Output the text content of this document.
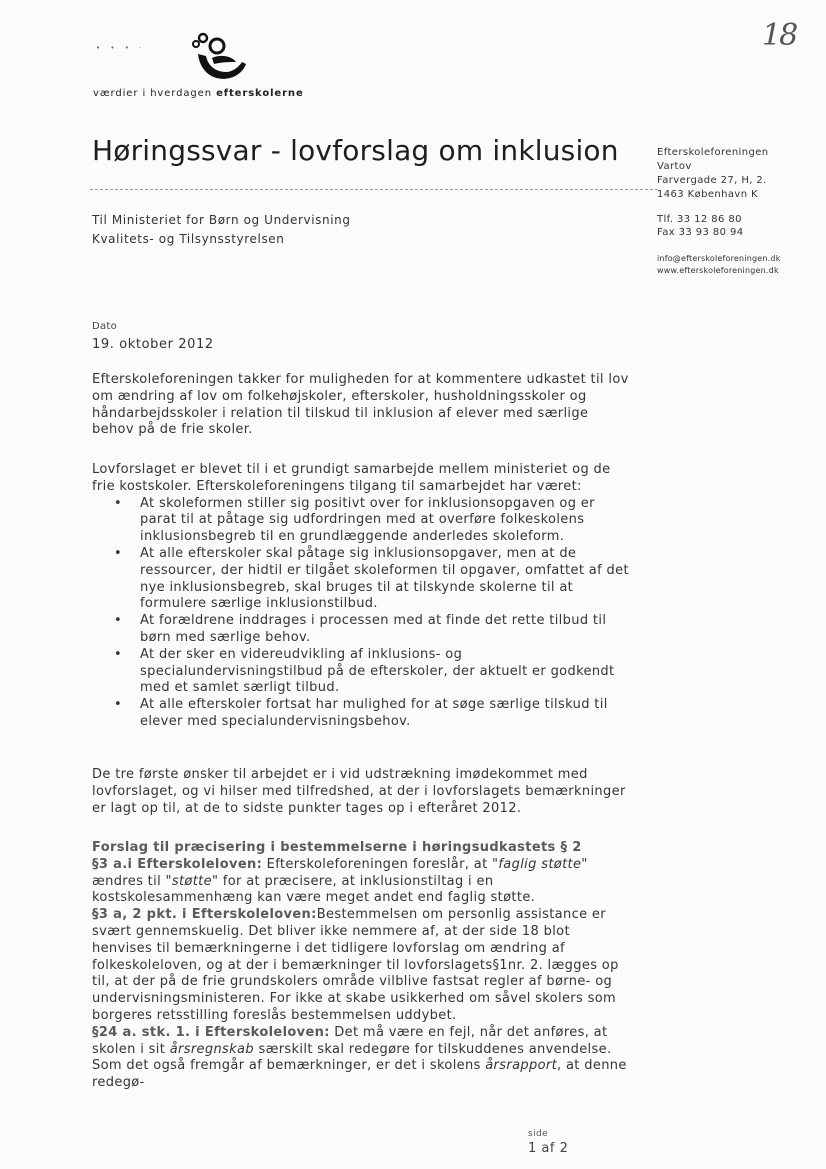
18
• • • ‧
værdier i hverdagen efterskolerne
Høringssvar - lovforslag om inklusion	Efterskoleforeningen
Vartov
Farvergade 27, H, 2.
1463 København K
Tlf. 33 12 86 80
Fax 33 93 80 94
info@efterskoleforeningen.dk
www.efterskoleforeningen.dk
Til Ministeriet for Børn og Undervisning
Kvalitets- og Tilsynsstyrelsen
Dato
19. oktober 2012

Efterskoleforeningen takker for muligheden for at kommentere udkastet til lov om ændring af lov om folkehøjskoler, efterskoler, husholdningsskoler og håndarbejdsskoler i relation til tilskud til inklusion af elever med særlige behov på de frie skoler.

Lovforslaget er blevet til i et grundigt samarbejde mellem ministeriet og de frie kostskoler. Efterskoleforeningens tilgang til samarbejdet har været:

• At skoleformen stiller sig positivt over for inklusionsopgaven og er parat til at påtage sig udfordringen med at overføre folkeskolens inklusionsbegreb til en grundlæggende anderledes skoleform.
• At alle efterskoler skal påtage sig inklusionsopgaver, men at de ressourcer, der hidtil er tilgået skoleformen til opgaver, omfattet af det nye inklusionsbegreb, skal bruges til at tilskynde skolerne til at formulere særlige inklusionstilbud.
• At forældrene inddrages i processen med at finde det rette tilbud til børn med særlige behov.
• At der sker en videreudvikling af inklusions- og specialundervisningstilbud på de efterskoler, der aktuelt er godkendt med et samlet særligt tilbud.
• At alle efterskoler fortsat har mulighed for at søge særlige tilskud til elever med specialundervisningsbehov.

De tre første ønsker til arbejdet er i vid udstrækning imødekommet med lovforslaget, og vi hilser med tilfredshed, at der i lovforslagets bemærkninger er lagt op til, at de to sidste punkter tages op i efteråret 2012.

Forslag til præcisering i bestemmelserne i høringsudkastets § 2

§3 a.i Efterskoleloven: Efterskoleforeningen foreslår, at "faglig støtte" ændres til "støtte" for at præcisere, at inklusionstiltag i en kostskolesammenhæng kan være meget andet end faglig støtte.

§3 a, 2 pkt. i Efterskoleloven:Bestemmelsen om personlig assistance er svært gennemskuelig. Det bliver ikke nemmere af, at der side 18 blot henvises til bemærkningerne i det tidligere lovforslag om ændring af folkeskoleloven, og at der i bemærkninger til lovforslagets§1nr. 2. lægges op til, at der på de frie grundskolers område vilblive fastsat regler af børne- og undervisningsministeren. For ikke at skabe usikkerhed om såvel skolers som borgeres retsstilling foreslås bestemmelsen uddybet.

§24 a. stk. 1. i Efterskoleloven: Det må være en fejl, når det anføres, at skolen i sit årsregnskab særskilt skal redegøre for tilskuddenes anvendelse. Som det også fremgår af bemærkninger, er det i skolens årsrapport, at denne redegø-

side
1 af 2
